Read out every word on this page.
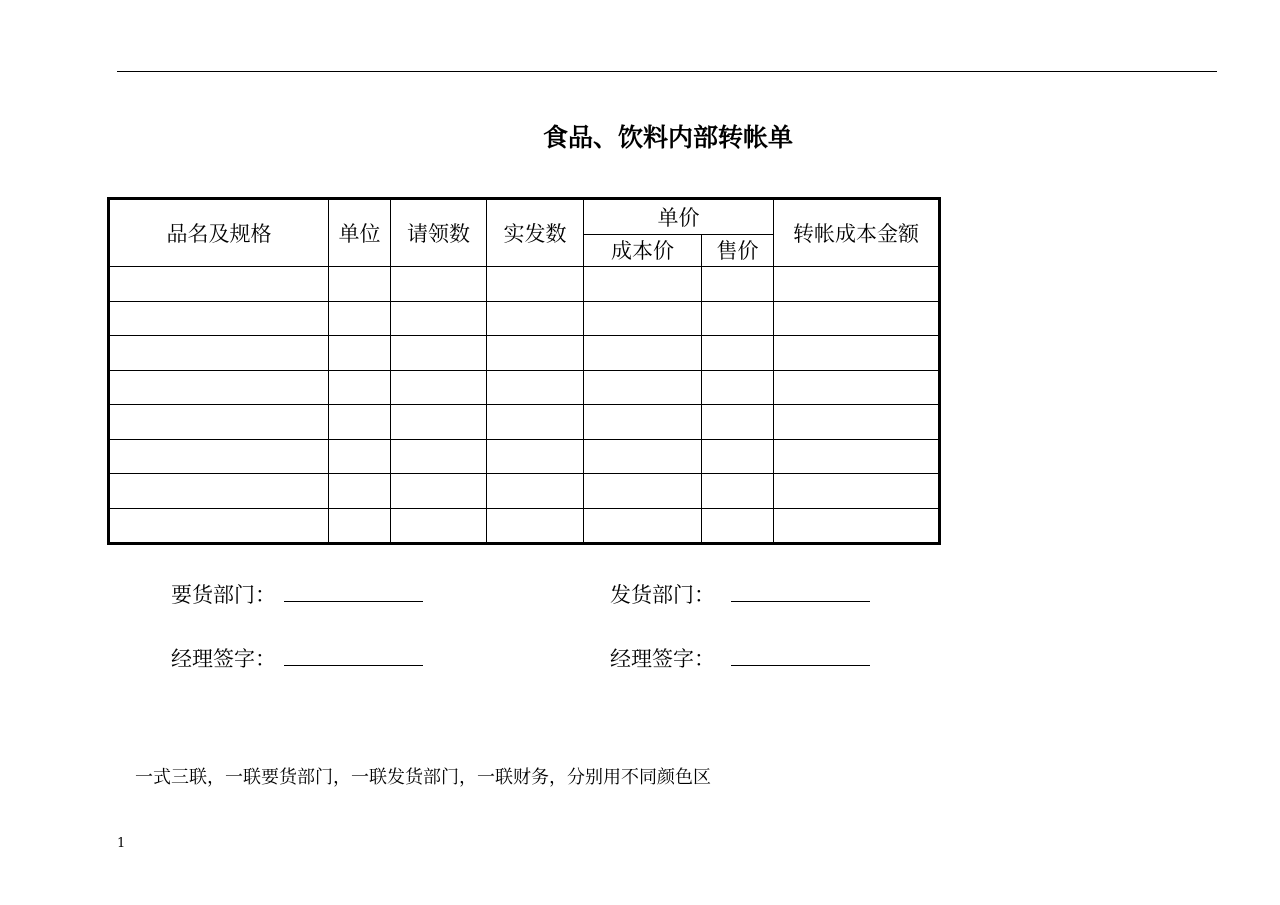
食品、饮料内部转帐单
品名及规格	单位	请领数	实发数	单价		转帐成本金额
				成本价	售价	

要货部门：	发货部门：
经理签字：	经理签字：
一式三联，一联要货部门，一联发货部门，一联财务，分别用不同颜色区
1
